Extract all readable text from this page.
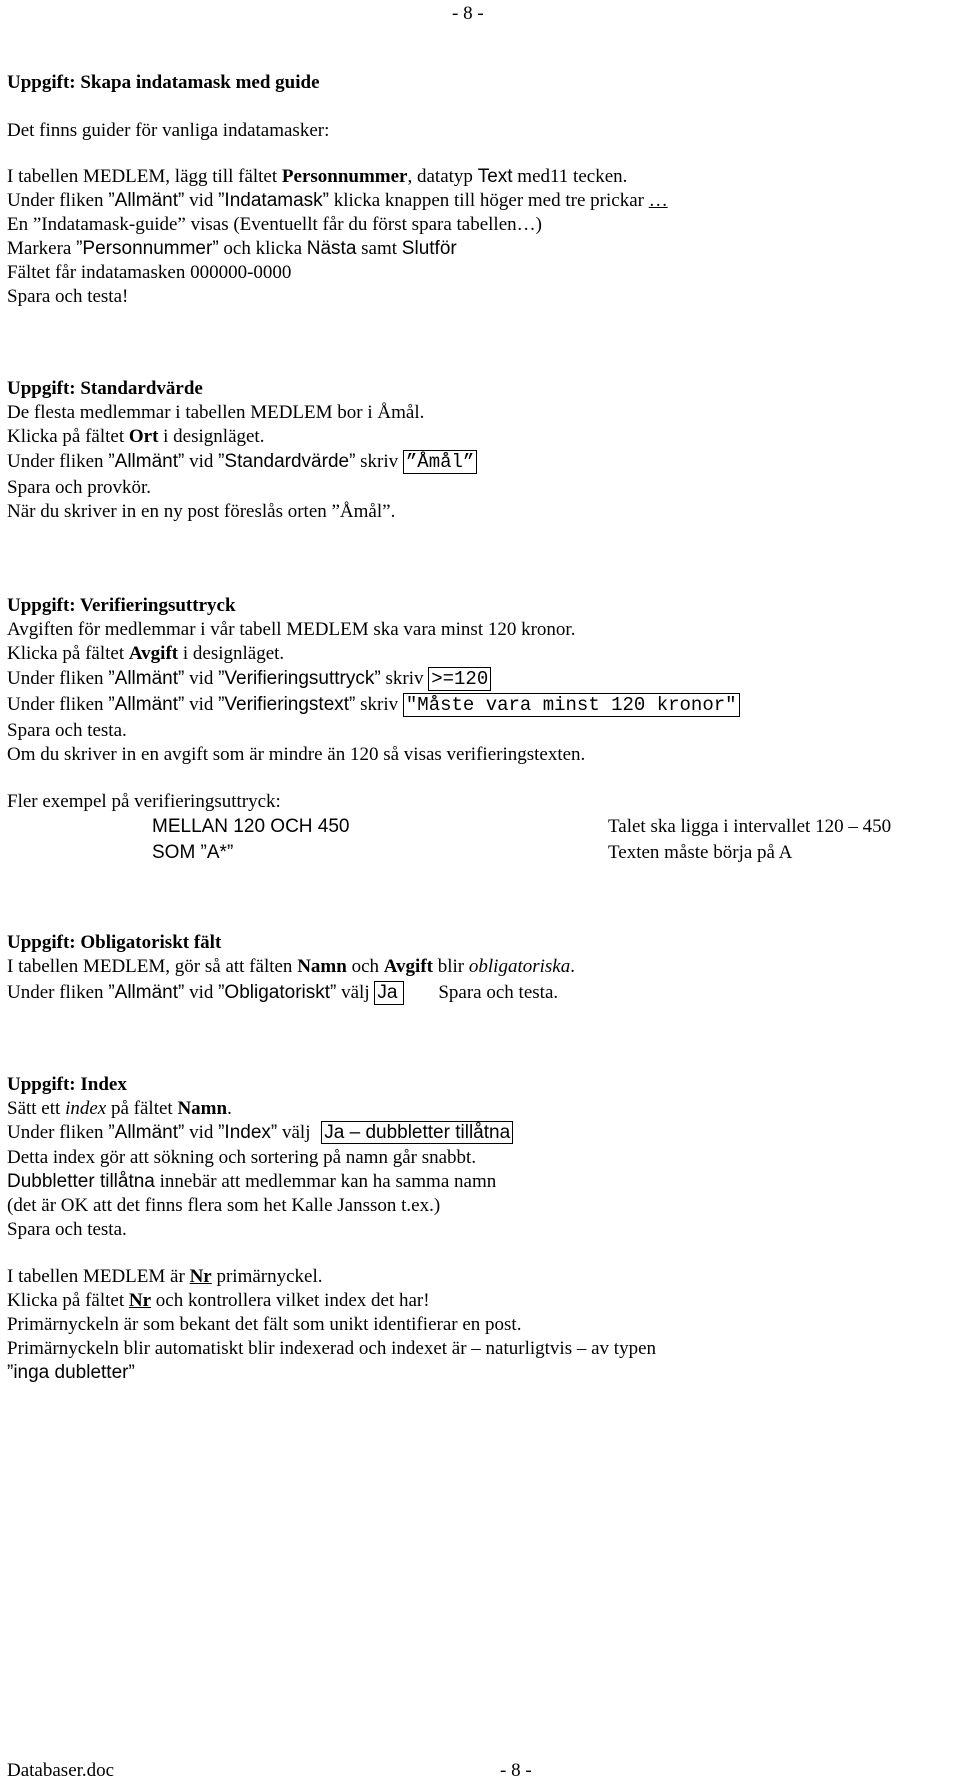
- 8 -
Uppgift: Skapa indatamask med guide
Det finns guider för vanliga indatamasker:
I tabellen MEDLEM, lägg till fältet Personnummer, datatyp Text med11 tecken.
Under fliken ”Allmänt” vid ”Indatamask” klicka knappen till höger med tre prickar …
En ”Indatamask-guide” visas (Eventuellt får du först spara tabellen…)
Markera ”Personnummer” och klicka Nästa samt Slutför
Fältet får indatamasken 000000-0000
Spara och testa!
Uppgift: Standardvärde
De flesta medlemmar i tabellen MEDLEM bor i Åmål.
Klicka på fältet Ort i designläget.
Under fliken ”Allmänt” vid ”Standardvärde” skriv ”Åmål”
Spara och provkör.
När du skriver in en ny post föreslås orten ”Åmål”.
Uppgift: Verifieringsuttryck
Avgiften för medlemmar i vår tabell MEDLEM ska vara minst 120 kronor.
Klicka på fältet Avgift i designläget.
Under fliken ”Allmänt” vid ”Verifieringsuttryck” skriv >=120
Under fliken ”Allmänt” vid ”Verifieringstext” skriv "Måste vara minst 120 kronor"
Spara och testa.
Om du skriver in en avgift som är mindre än 120 så visas verifieringstexten.
Fler exempel på verifieringsuttryck:
MELLAN 120 OCH 450	Talet ska ligga i intervallet 120 – 450
SOM ”A*”	Texten måste börja på A
Uppgift: Obligatoriskt fält
I tabellen MEDLEM, gör så att fälten Namn och Avgift blir obligatoriska.
Under fliken ”Allmänt” vid ”Obligatoriskt” välj Ja Spara och testa.
Uppgift: Index
Sätt ett index på fältet Namn.
Under fliken ”Allmänt” vid ”Index” välj Ja – dubbletter tillåtna
Detta index gör att sökning och sortering på namn går snabbt.
Dubbletter tillåtna innebär att medlemmar kan ha samma namn
(det är OK att det finns flera som het Kalle Jansson t.ex.)
Spara och testa.
I tabellen MEDLEM är Nr primärnyckel.
Klicka på fältet Nr och kontrollera vilket index det har!
Primärnyckeln är som bekant det fält som unikt identifierar en post.
Primärnyckeln blir automatiskt blir indexerad och indexet är – naturligtvis – av typen
”inga dubletter”
Databaser.doc	- 8 -
